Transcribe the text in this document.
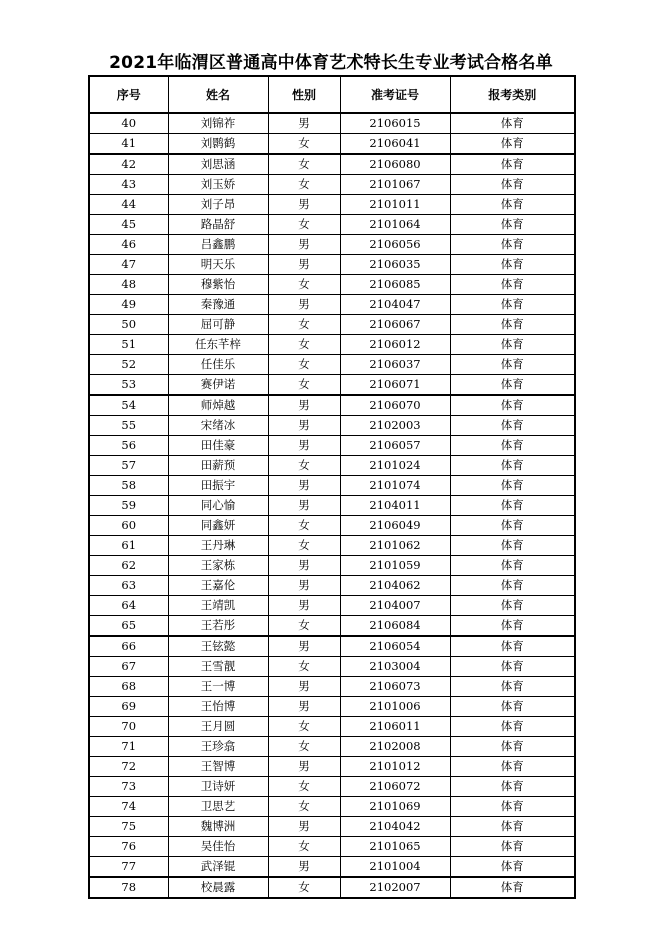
2021年临渭区普通高中体育艺术特长生专业考试合格名单
序号	姓名	性别	准考证号	报考类别
40	刘锦祚	男	2106015	体育
41	刘鹮鹤	女	2106041	体育
42	刘思涵	女	2106080	体育
43	刘玉娇	女	2101067	体育
44	刘子昂	男	2101011	体育
45	路晶舒	女	2101064	体育
46	吕鑫鹏	男	2106056	体育
47	明天乐	男	2106035	体育
48	穆紫怡	女	2106085	体育
49	秦豫通	男	2104047	体育
50	屈可静	女	2106067	体育
51	任东芊梓	女	2106012	体育
52	任佳乐	女	2106037	体育
53	赛伊诺	女	2106071	体育
54	师焯越	男	2106070	体育
55	宋绪冰	男	2102003	体育
56	田佳豪	男	2106057	体育
57	田薪预	女	2101024	体育
58	田振宇	男	2101074	体育
59	同心愉	男	2104011	体育
60	同鑫妍	女	2106049	体育
61	王丹琳	女	2101062	体育
62	王家栋	男	2101059	体育
63	王嘉伦	男	2104062	体育
64	王靖凯	男	2104007	体育
65	王若彤	女	2106084	体育
66	王铉懿	男	2106054	体育
67	王雪靓	女	2103004	体育
68	王一博	男	2106073	体育
69	王怡博	男	2101006	体育
70	王月圆	女	2106011	体育
71	王珍翕	女	2102008	体育
72	王智博	男	2101012	体育
73	卫诗妍	女	2106072	体育
74	卫思艺	女	2101069	体育
75	魏博洲	男	2104042	体育
76	吴佳怡	女	2101065	体育
77	武泽锟	男	2101004	体育
78	校晨露	女	2102007	体育
